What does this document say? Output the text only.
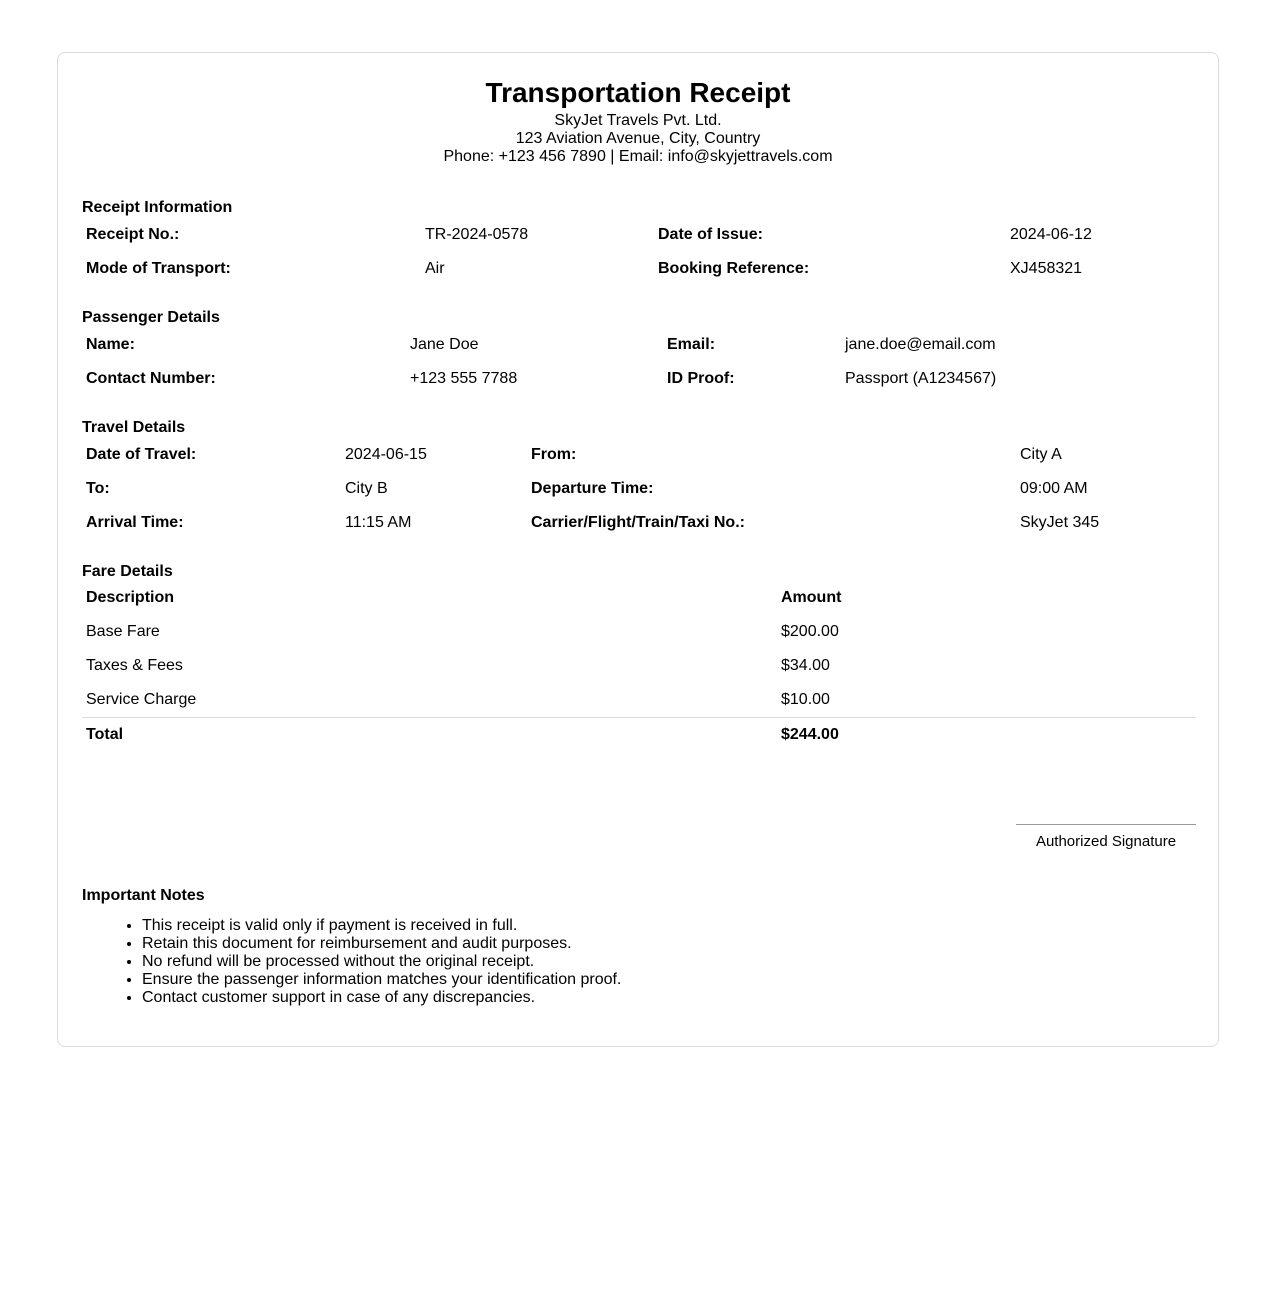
Transportation Receipt
SkyJet Travels Pvt. Ltd.
123 Aviation Avenue, City, Country
Phone: +123 456 7890 | Email: info@skyjettravels.com
Receipt Information
Receipt No.:	TR-2024-0578	Date of Issue:	2024-06-12
Mode of Transport:	Air	Booking Reference:	XJ458321
Passenger Details
Name:	Jane Doe	Email:	jane.doe@email.com
Contact Number:	+123 555 7788	ID Proof:	Passport (A1234567)
Travel Details
Date of Travel:	2024-06-15	From:	City A
To:	City B	Departure Time:	09:00 AM
Arrival Time:	11:15 AM	Carrier/Flight/Train/Taxi No.:	SkyJet 345
Fare Details
Description	Amount
Base Fare	$200.00
Taxes & Fees	$34.00
Service Charge	$10.00
Total	$244.00
Authorized Signature
Important Notes
• This receipt is valid only if payment is received in full.
• Retain this document for reimbursement and audit purposes.
• No refund will be processed without the original receipt.
• Ensure the passenger information matches your identification proof.
• Contact customer support in case of any discrepancies.
